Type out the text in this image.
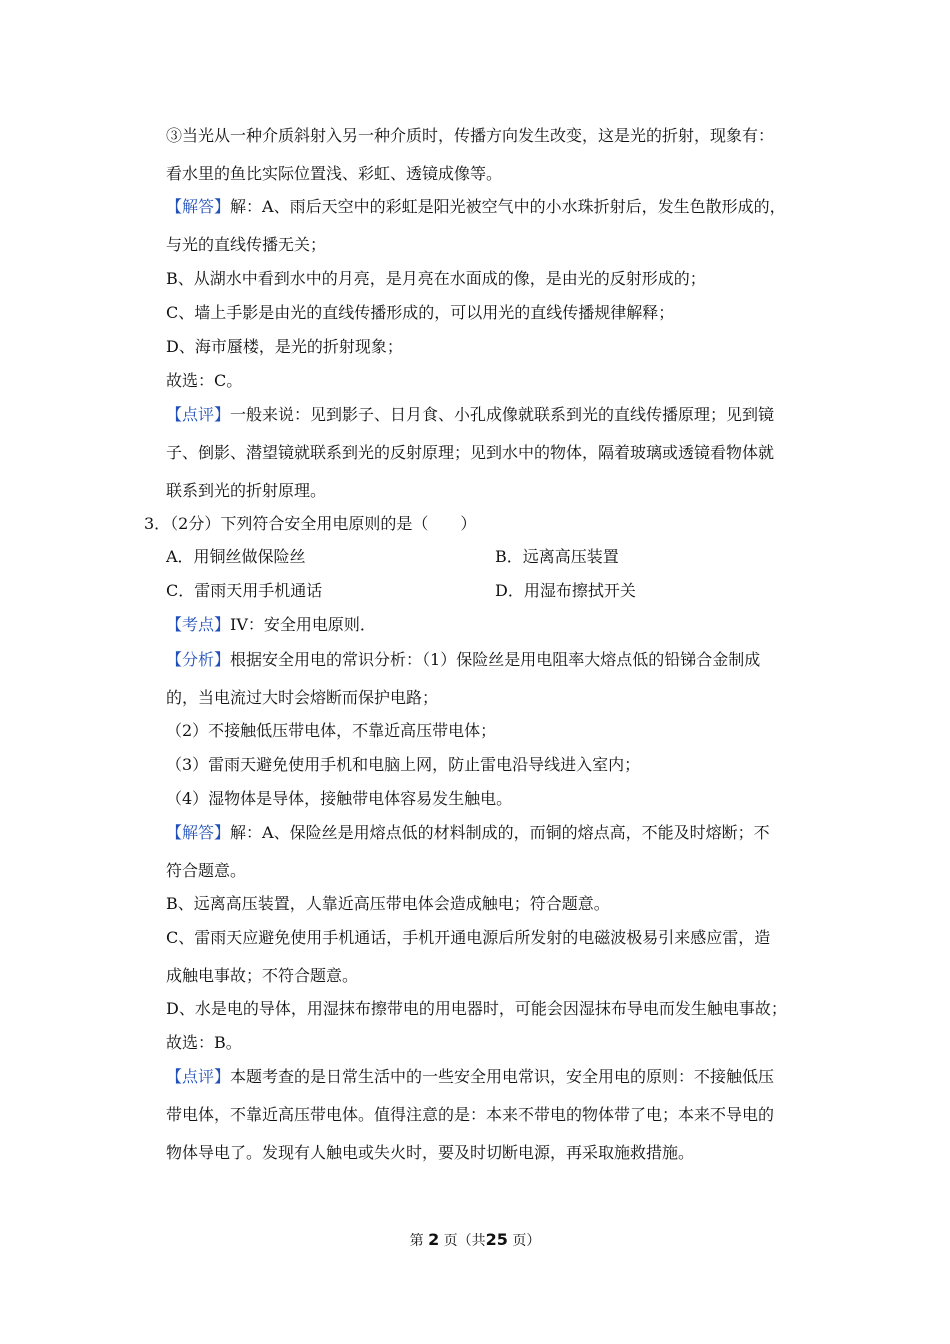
③当光从一种介质斜射入另一种介质时，传播方向发生改变，这是光的折射，现象有：
看水里的鱼比实际位置浅、彩虹、透镜成像等。
【解答】解：A、雨后天空中的彩虹是阳光被空气中的小水珠折射后，发生色散形成的，
与光的直线传播无关；
B、从湖水中看到水中的月亮，是月亮在水面成的像，是由光的反射形成的；
C、墙上手影是由光的直线传播形成的，可以用光的直线传播规律解释；
D、海市蜃楼，是光的折射现象；
故选：C。
【点评】一般来说：见到影子、日月食、小孔成像就联系到光的直线传播原理；见到镜
子、倒影、潜望镜就联系到光的反射原理；见到水中的物体，隔着玻璃或透镜看物体就
联系到光的折射原理。
3．（2分）下列符合安全用电原则的是（　　）
A．用铜丝做保险丝	B．远离高压装置
C．雷雨天用手机通话	D．用湿布擦拭开关
【考点】IV：安全用电原则．
【分析】根据安全用电的常识分析：（1）保险丝是用电阻率大熔点低的铅锑合金制成
的，当电流过大时会熔断而保护电路；
（2）不接触低压带电体，不靠近高压带电体；
（3）雷雨天避免使用手机和电脑上网，防止雷电沿导线进入室内；
（4）湿物体是导体，接触带电体容易发生触电。
【解答】解：A、保险丝是用熔点低的材料制成的，而铜的熔点高，不能及时熔断；不
符合题意。
B、远离高压装置，人靠近高压带电体会造成触电；符合题意。
C、雷雨天应避免使用手机通话，手机开通电源后所发射的电磁波极易引来感应雷，造
成触电事故；不符合题意。
D、水是电的导体，用湿抹布擦带电的用电器时，可能会因湿抹布导电而发生触电事故；
故选：B。
【点评】本题考查的是日常生活中的一些安全用电常识，安全用电的原则：不接触低压
带电体，不靠近高压带电体。值得注意的是：本来不带电的物体带了电；本来不导电的
物体导电了。发现有人触电或失火时，要及时切断电源，再采取施救措施。
第 2 页（共25 页）
